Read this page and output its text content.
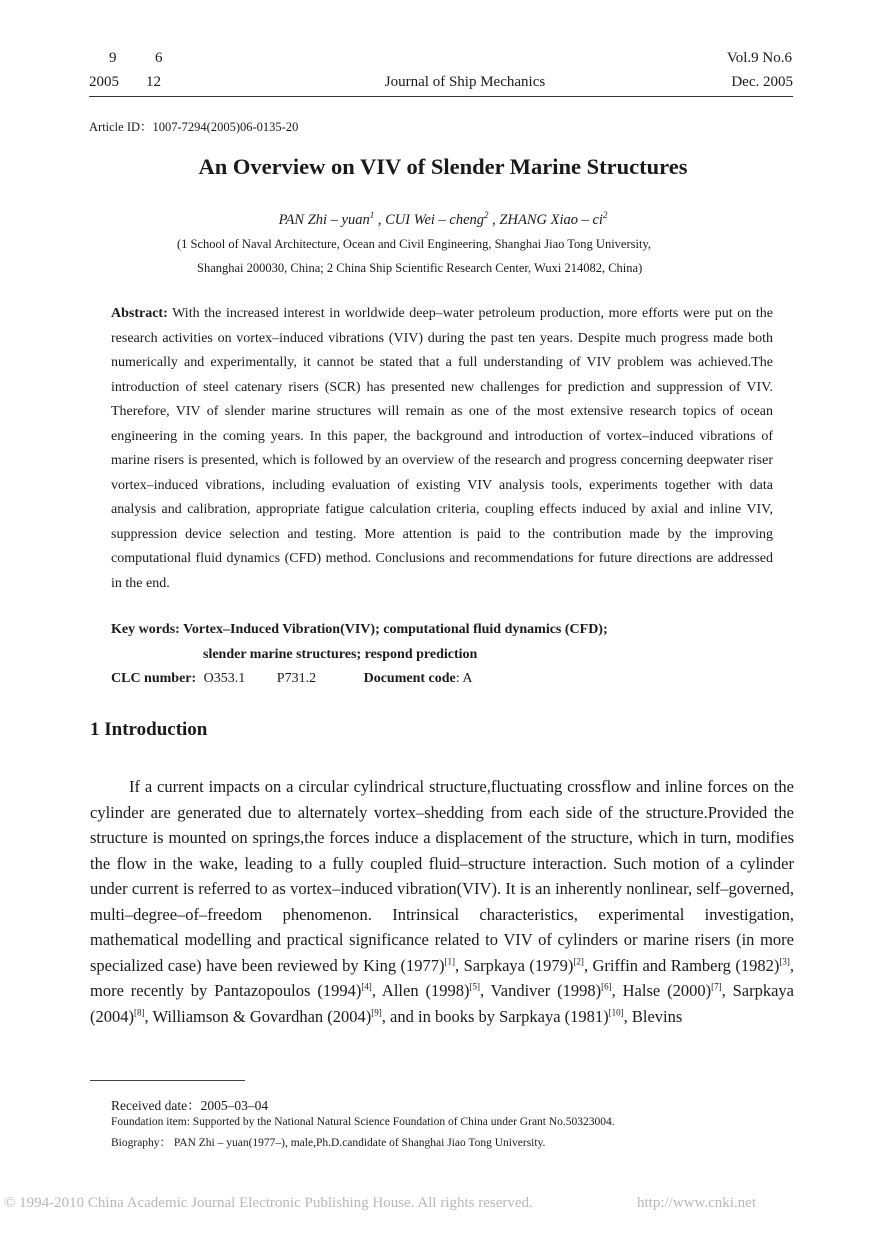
9	6
2005 12	Journal of Ship Mechanics
Vol.9 No.6
Dec. 2005
Article ID：1007-7294(2005)06-0135-20
An Overview on VIV of Slender Marine Structures
PAN Zhi – yuan$^1$ , CUI Wei – cheng$^2$ , ZHANG Xiao – $ci^2$
(1 School of Naval Architecture, Ocean and Civil Engineering, Shanghai Jiao Tong University,
Shanghai 200030, China; 2 China Ship Scientific Research Center, Wuxi 214082, China)
Abstract: With the increased interest in worldwide deep–water petroleum production, more efforts were put on the research activities on vortex–induced vibrations (VIV) during the past ten years. Despite much progress made both numerically and experimentally, it cannot be stated that a full understanding of VIV problem was achieved.The introduction of steel catenary risers (SCR) has presented new challenges for prediction and suppression of VIV. Therefore, VIV of slender marine structures will remain as one of the most extensive research topics of ocean engineering in the coming years. In this paper, the background and introduction of vortex–induced vibrations of marine risers is presented, which is followed by an overview of the research and progress concerning deepwater riser vortex–induced vibrations, including evaluation of existing VIV analysis tools, experiments together with data analysis and calibration, appropriate fatigue calculation criteria, coupling effects induced by axial and inline VIV, suppression device selection and testing. More attention is paid to the contribution made by the improving computational fluid dynamics (CFD) method. Conclusions and recommendations for future directions are addressed in the end.
Key words: Vortex–Induced Vibration(VIV); computational fluid dynamics (CFD);
slender marine structures; respond prediction
CLC number: O353.1 P731.2	Document code: A
1 Introduction
If a current impacts on a circular cylindrical structure,fluctuating crossflow and inline forces on the cylinder are generated due to alternately vortex–shedding from each side of the structure.Provided the structure is mounted on springs,the forces induce a displacement of the structure, which in turn, modifies the flow in the wake, leading to a fully coupled fluid–structure interaction. Such motion of a cylinder under current is referred to as vortex–induced vibration(VIV). It is an inherently nonlinear, self–governed, multi–degree–of–freedom phenomenon. Intrinsical characteristics, experimental investigation, mathematical modelling and practical significance related to VIV of cylinders or marine risers (in more specialized case) have been reviewed by King (1977)[1], Sarpkaya (1979)[2], Griffin and Ramberg (1982)[3], more recently by Pantazopoulos (1994)[4], Allen (1998)[5], Vandiver (1998)[6], Halse (2000)[7], Sarpkaya (2004)[8], Williamson & Govardhan (2004)[9], and in books by Sarpkaya (1981)[10], Blevins
Received date：2005–03–04
Foundation item: Supported by the National Natural Science Foundation of China under Grant No.50323004.
Biography： PAN Zhi – yuan(1977–), male,Ph.D.candidate of Shanghai Jiao Tong University.
© 1994-2010 China Academic Journal Electronic Publishing House. All rights reserved.	http://www.cnki.net
